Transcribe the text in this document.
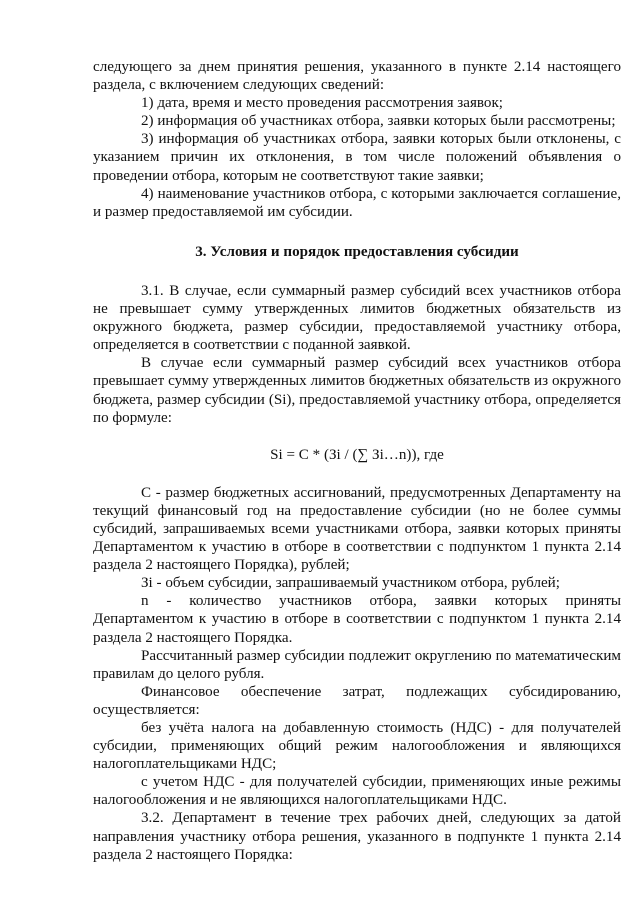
следующего за днем принятия решения, указанного в пункте 2.14 настоящего раздела, с включением следующих сведений:

1) дата, время и место проведения рассмотрения заявок;

2) информация об участниках отбора, заявки которых были рассмотрены;

3) информация об участниках отбора, заявки которых были отклонены, с указанием причин их отклонения, в том числе положений объявления о проведении отбора, которым не соответствуют такие заявки;

4) наименование участников отбора, с которыми заключается соглашение, и размер предоставляемой им субсидии.

3. Условия и порядок предоставления субсидии

3.1. В случае, если суммарный размер субсидий всех участников отбора не превышает сумму утвержденных лимитов бюджетных обязательств из окружного бюджета, размер субсидии, предоставляемой участнику отбора, определяется в соответствии с поданной заявкой.

В случае если суммарный размер субсидий всех участников отбора превышает сумму утвержденных лимитов бюджетных обязательств из окружного бюджета, размер субсидии (Si), предоставляемой участнику отбора, определяется по формуле:

Si = C * (Зi / (∑ Зi…n)), где

С - размер бюджетных ассигнований, предусмотренных Департаменту на текущий финансовый год на предоставление субсидии (но не более суммы субсидий, запрашиваемых всеми участниками отбора, заявки которых приняты Департаментом к участию в отборе в соответствии с подпунктом 1 пункта 2.14 раздела 2 настоящего Порядка), рублей;

Зi - объем субсидии, запрашиваемый участником отбора, рублей;

n - количество участников отбора, заявки которых приняты Департаментом к участию в отборе в соответствии с подпунктом 1 пункта 2.14 раздела 2 настоящего Порядка.

Рассчитанный размер субсидии подлежит округлению по математическим правилам до целого рубля.

Финансовое обеспечение затрат, подлежащих субсидированию, осуществляется:

без учёта налога на добавленную стоимость (НДС) - для получателей субсидии, применяющих общий режим налогообложения и являющихся налогоплательщиками НДС;

с учетом НДС - для получателей субсидии, применяющих иные режимы налогообложения и не являющихся налогоплательщиками НДС.

3.2. Департамент в течение трех рабочих дней, следующих за датой направления участнику отбора решения, указанного в подпункте 1 пункта 2.14 раздела 2 настоящего Порядка:
